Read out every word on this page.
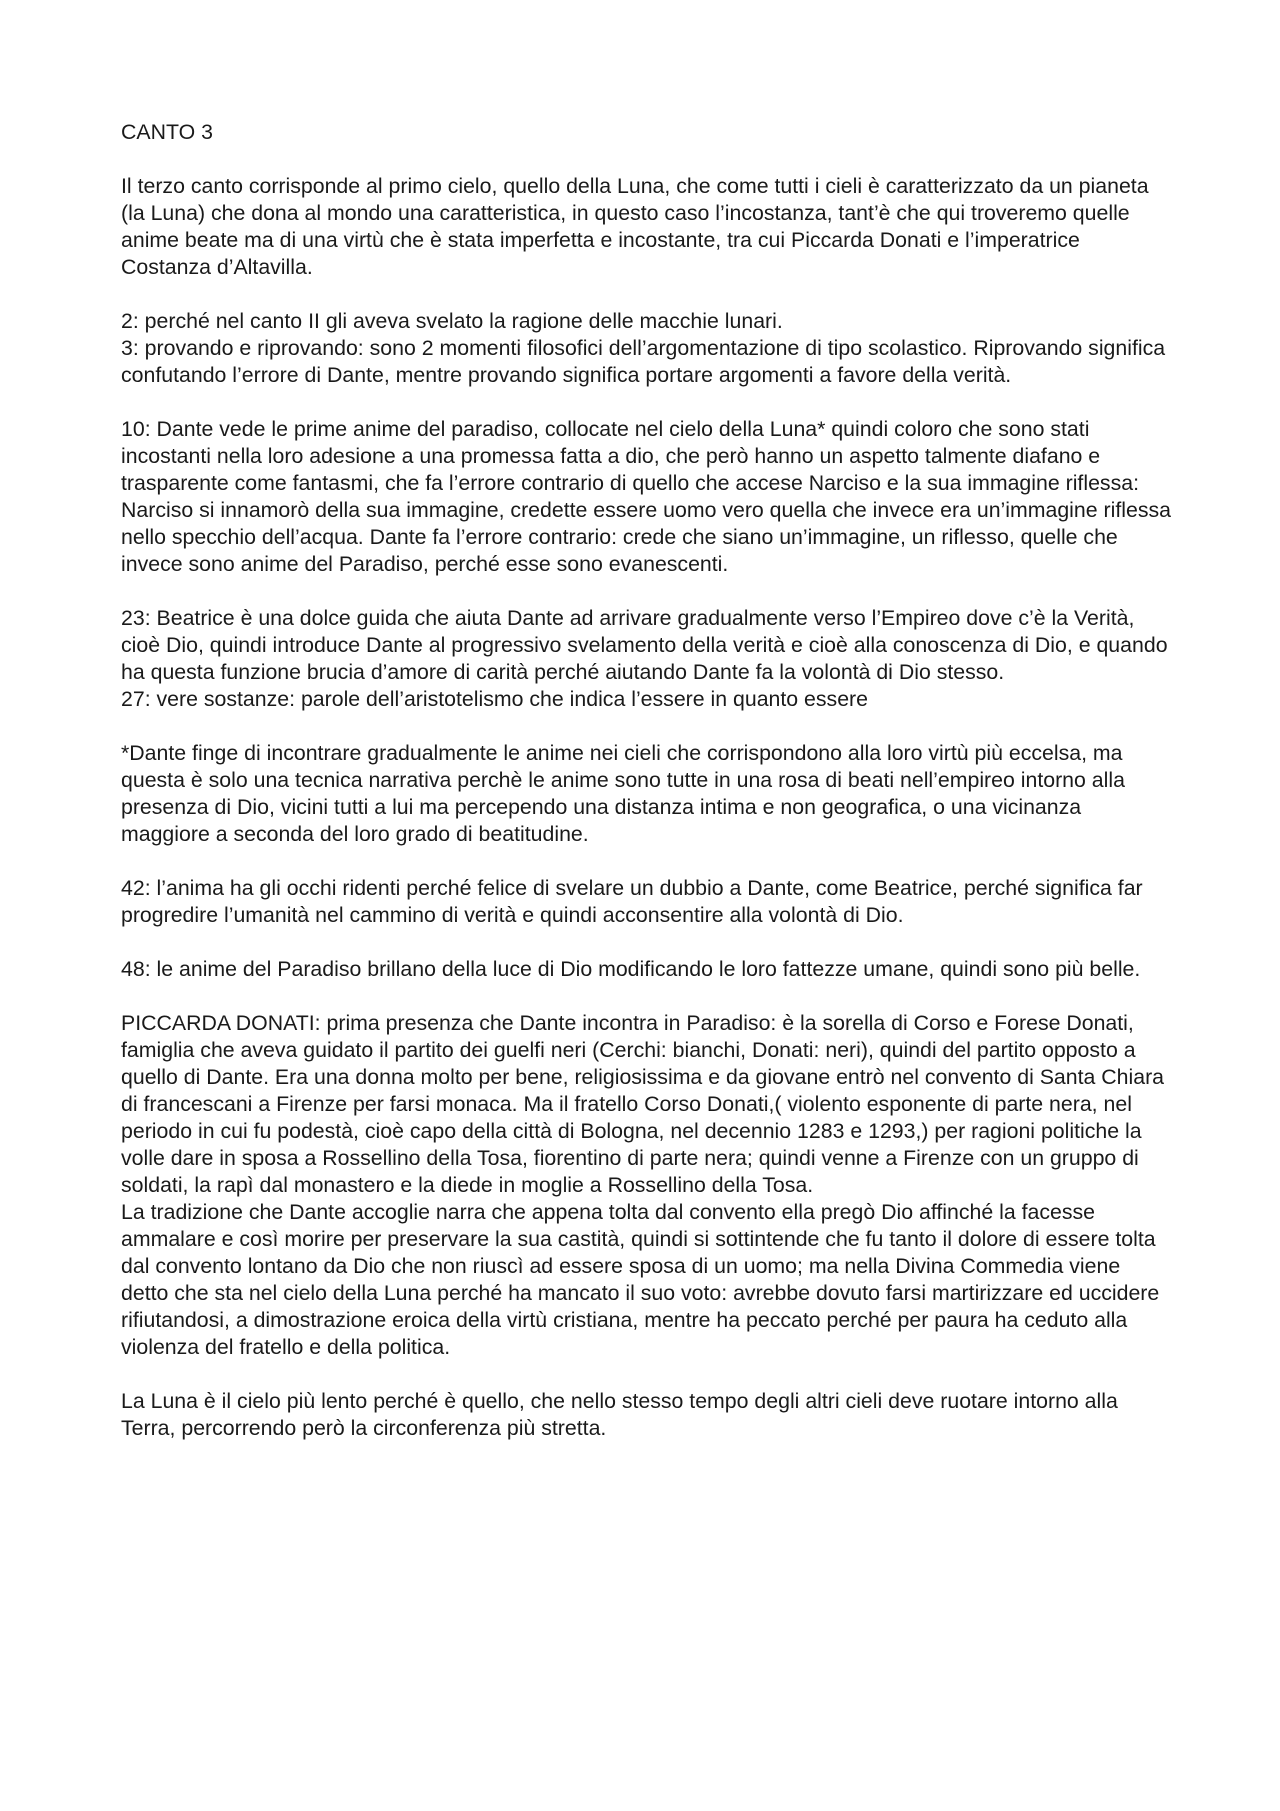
CANTO 3

Il terzo canto corrisponde al primo cielo, quello della Luna, che come tutti i cieli è caratterizzato da un pianeta (la Luna) che dona al mondo una caratteristica, in questo caso l’incostanza, tant’è che qui troveremo quelle anime beate ma di una virtù che è stata imperfetta e incostante, tra cui Piccarda Donati e l’imperatrice Costanza d’Altavilla.

2: perché nel canto II gli aveva svelato la ragione delle macchie lunari.

3: provando e riprovando: sono 2 momenti filosofici dell’argomentazione di tipo scolastico. Riprovando significa confutando l’errore di Dante, mentre provando significa portare argomenti a favore della verità.

10: Dante vede le prime anime del paradiso, collocate nel cielo della Luna* quindi coloro che sono stati incostanti nella loro adesione a una promessa fatta a dio, che però hanno un aspetto talmente diafano e trasparente come fantasmi, che fa l’errore contrario di quello che accese Narciso e la sua immagine riflessa: Narciso si innamorò della sua immagine, credette essere uomo vero quella che invece era un’immagine riflessa nello specchio dell’acqua. Dante fa l’errore contrario: crede che siano un’immagine, un riflesso, quelle che invece sono anime del Paradiso, perché esse sono evanescenti.

23: Beatrice è una dolce guida che aiuta Dante ad arrivare gradualmente verso l’Empireo dove c’è la Verità, cioè Dio, quindi introduce Dante al progressivo svelamento della verità e cioè alla conoscenza di Dio, e quando ha questa funzione brucia d’amore di carità perché aiutando Dante fa la volontà di Dio stesso.

27: vere sostanze: parole dell’aristotelismo che indica l’essere in quanto essere

*Dante finge di incontrare gradualmente le anime nei cieli che corrispondono alla loro virtù più eccelsa, ma questa è solo una tecnica narrativa perchè le anime sono tutte in una rosa di beati nell’empireo intorno alla presenza di Dio, vicini tutti a lui ma percependo una distanza intima e non geografica, o una vicinanza maggiore a seconda del loro grado di beatitudine.

42: l’anima ha gli occhi ridenti perché felice di svelare un dubbio a Dante, come Beatrice, perché significa far progredire l’umanità nel cammino di verità e quindi acconsentire alla volontà di Dio.

48: le anime del Paradiso brillano della luce di Dio modificando le loro fattezze umane, quindi sono più belle.

PICCARDA DONATI: prima presenza che Dante incontra in Paradiso: è la sorella di Corso e Forese Donati, famiglia che aveva guidato il partito dei guelfi neri (Cerchi: bianchi, Donati: neri), quindi del partito opposto a quello di Dante. Era una donna molto per bene, religiosissima e da giovane entrò nel convento di Santa Chiara di francescani a Firenze per farsi monaca. Ma il fratello Corso Donati,( violento esponente di parte nera, nel periodo in cui fu podestà, cioè capo della città di Bologna, nel decennio 1283 e 1293,) per ragioni politiche la volle dare in sposa a Rossellino della Tosa, fiorentino di parte nera; quindi venne a Firenze con un gruppo di soldati, la rapì dal monastero e la diede in moglie a Rossellino della Tosa.

La tradizione che Dante accoglie narra che appena tolta dal convento ella pregò Dio affinché la facesse ammalare e così morire per preservare la sua castità, quindi si sottintende che fu tanto il dolore di essere tolta dal convento lontano da Dio che non riuscì ad essere sposa di un uomo; ma nella Divina Commedia viene detto che sta nel cielo della Luna perché ha mancato il suo voto: avrebbe dovuto farsi martirizzare ed uccidere rifiutandosi, a dimostrazione eroica della virtù cristiana, mentre ha peccato perché per paura ha ceduto alla violenza del fratello e della politica.

La Luna è il cielo più lento perché è quello, che nello stesso tempo degli altri cieli deve ruotare intorno alla Terra, percorrendo però la circonferenza più stretta.
